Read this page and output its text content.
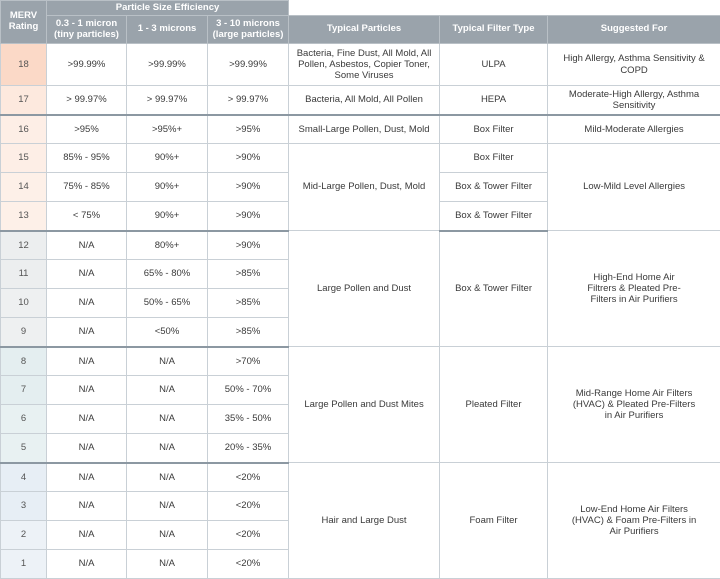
MERV
Rating	Particle Size Efficiency					
	0.3 - 1 micron
(tiny particles)	1 - 3 microns	3 - 10 microns
(large particles)	Typical Particles	Typical Filter Type	Suggested For
18	>99.99%	>99.99%	>99.99%	Bacteria, Fine Dust, All Mold, All Pollen, Asbestos, Copier Toner, Some Viruses	ULPA	High Allergy, Asthma Sensitivity & COPD
17	> 99.97%	> 99.97%	> 99.97%	Bacteria, All Mold, All Pollen	HEPA	Moderate-High Allergy, Asthma Sensitivity
16	>95%	>95%+	>95%	Small-Large Pollen, Dust, Mold	Box Filter	Mild-Moderate Allergies
15	85% - 95%	90%+	>90%	Mid-Large Pollen, Dust, Mold	Box Filter	Low-Mild Level Allergies
14	75% - 85%	90%+	>90%		Box & Tower Filter	
13	< 75%	90%+	>90%		Box & Tower Filter	
12	N/A	80%+	>90%	Large Pollen and Dust	Box & Tower Filter	High-End Home Air Filtrers & Pleated Pre-Filters in Air Purifiers
11	N/A	65% - 80%	>85%			
10	N/A	50% - 65%	>85%			
9	N/A	<50%	>85%			
8	N/A	N/A	>70%	Large Pollen and Dust Mites	Pleated Filter	Mid-Range Home Air Filters (HVAC) & Pleated Pre-Filters in Air Purifiers
7	N/A	N/A	50% - 70%			
6	N/A	N/A	35% - 50%			
5	N/A	N/A	20% - 35%			
4	N/A	N/A	<20%	Hair and Large Dust	Foam Filter	Low-End Home Air Filters (HVAC) & Foam Pre-Filters in Air Purifiers
3	N/A	N/A	<20%			
2	N/A	N/A	<20%			
1	N/A	N/A	<20%			
